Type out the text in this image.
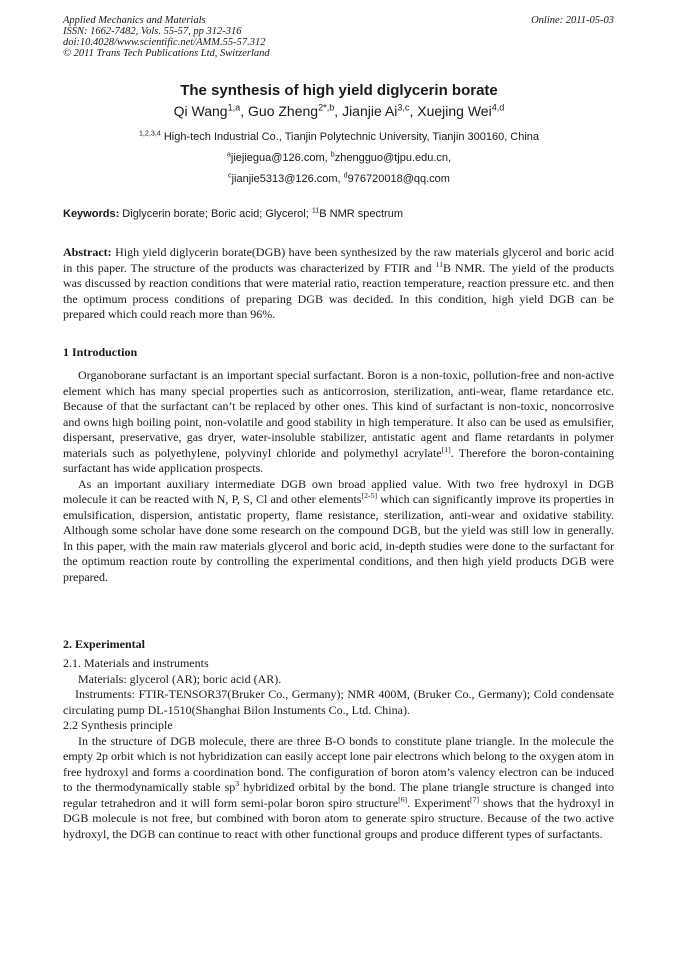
Applied Mechanics and Materials
ISSN: 1662-7482, Vols. 55-57, pp 312-316
doi:10.4028/www.scientific.net/AMM.55-57.312
© 2011 Trans Tech Publications Ltd, Switzerland
Online: 2011-05-03
The synthesis of high yield diglycerin borate
Qi Wang$^{1,a}$, Guo Zheng$^{2*,b}$, Jianjie Ai$^{3,c}$, Xuejing Wei$^{4,d}$
$^{1,2,3,4}$ High-tech Industrial Co., Tianjin Polytechnic University, Tianjin 300160, China
$^a$jiejiegua@126.com, $^b$zhengguo@tjpu.edu.cn,
$^c$jianjie5313@126.com, $^d$976720018@qq.com
Keywords: Diglycerin borate; Boric acid; Glycerol; $^{11}$B NMR spectrum
Abstract: High yield diglycerin borate(DGB) have been synthesized by the raw materials glycerol and boric acid in this paper. The structure of the products was characterized by FTIR and $^{11}$B NMR. The yield of the products was discussed by reaction conditions that were material ratio, reaction temperature, reaction pressure etc. and then the optimum process conditions of preparing DGB was decided. In this condition, high yield DGB can be prepared which could reach more than 96%.
1 Introduction

Organoborane surfactant is an important special surfactant. Boron is a non-toxic, pollution-free and non-active element which has many special properties such as anticorrosion, sterilization, anti-wear, flame retardance etc. Because of that the surfactant can’t be replaced by other ones. This kind of surfactant is non-toxic, noncorrosive and owns high boiling point, non-volatile and good stability in high temperature. It also can be used as emulsifier, dispersant, preservative, gas dryer, water-insoluble stabilizer, antistatic agent and flame retardants in polymer materials such as polyethylene, polyvinyl chloride and polymethyl acrylate[1]. Therefore the boron-containing surfactant has wide application prospects.

As an important auxiliary intermediate DGB own broad applied value. With two free hydroxyl in DGB molecule it can be reacted with N, P, S, Cl and other elements[2-5] which can significantly improve its properties in emulsification, dispersion, antistatic property, flame resistance, sterilization, anti-wear and oxidative stability. Although some scholar have done some research on the compound DGB, but the yield was still low in generally. In this paper, with the main raw materials glycerol and boric acid, in-depth studies were done to the surfactant for the optimum reaction route by controlling the experimental conditions, and then high yield products DGB were prepared.

2. Experimental

2.1. Materials and instruments

Materials: glycerol (AR); boric acid (AR).

Instruments: FTIR-TENSOR37(Bruker Co., Germany); NMR 400M, (Bruker Co., Germany); Cold condensate circulating pump DL-1510(Shanghai Bilon Instuments Co., Ltd. China).

2.2 Synthesis principle

In the structure of DGB molecule, there are three B-O bonds to constitute plane triangle. In the molecule the empty 2p orbit which is not hybridization can easily accept lone pair electrons which belong to the oxygen atom in free hydroxyl and forms a coordination bond. The configuration of boron atom’s valency electron can be induced to the thermodynamically stable $sp^3$ hybridized orbital by the bond. The plane triangle structure is changed into regular tetrahedron and it will form semi-polar boron spiro structure[6]. Experiment[7] shows that the hydroxyl in DGB molecule is not free, but combined with boron atom to generate spiro structure. Because of the two active hydroxyl, the DGB can continue to react with other functional groups and produce different types of surfactants.
